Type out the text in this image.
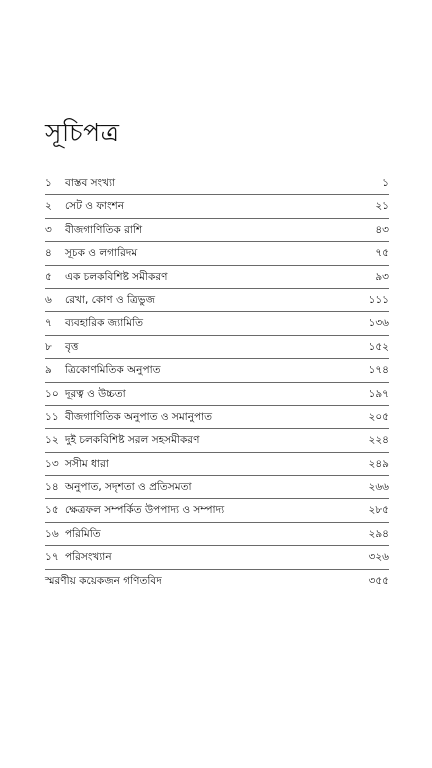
সূচিপত্র
১ বাস্তব সংখ্যা	১
২ সেট ও ফাংশন	২১
৩ বীজগাণিতিক রাশি	৪৩
৪ সূচক ও লগারিদম	৭৫
৫ এক চলকবিশিষ্ট সমীকরণ	৯৩
৬ রেখা, কোণ ও ত্রিভুজ	১১১
৭ ব্যবহারিক জ্যামিতি	১৩৬
৮ বৃত্ত	১৫২
৯ ত্রিকোণমিতিক অনুপাত	১৭৪
১০ দূরত্ব ও উচ্চতা	১৯৭
১১ বীজগাণিতিক অনুপাত ও সমানুপাত	২০৫
১২ দুই চলকবিশিষ্ট সরল সহসমীকরণ	২২৪
১৩ সসীম ধারা	২৪৯
১৪ অনুপাত, সদৃশতা ও প্রতিসমতা	২৬৬
১৫ ক্ষেত্রফল সম্পর্কিত উপপাদ্য ও সম্পাদ্য	২৮৫
১৬ পরিমিতি	২৯৪
১৭ পরিসংখ্যান	৩২৬
স্মরণীয় কয়েকজন গণিতবিদ	৩৫৫
